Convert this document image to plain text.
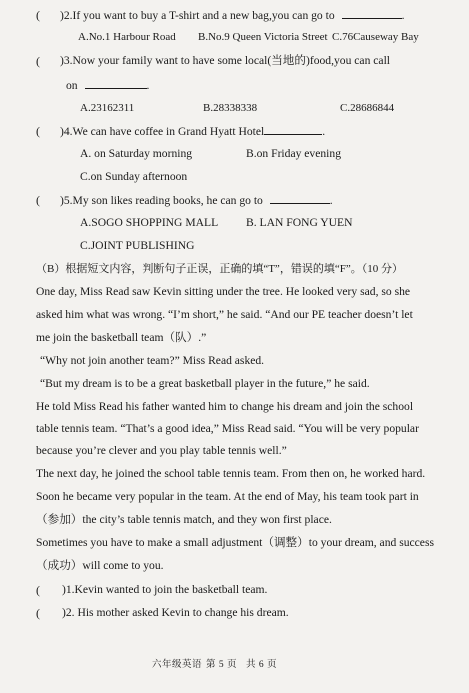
( )2.If you want to buy a T-shirt and a new bag,you can go to	.
A.No.1 Harbour Road B.No.9 Queen Victoria Street C.76Causeway Bay
( )3.Now your family want to have some local(当地的)food,you can call
on	.
A.23162311	B.28338338	C.28686844
( )4.We can have coffee in Grand Hyatt Hotel	.
A. on Saturday morning	B.on Friday evening
C.on Sunday afternoon
( )5.My son likes reading books, he can go to	.
A.SOGO SHOPPING MALL B. LAN FONG YUEN
C.JOINT PUBLISHING
（B）根据短文内容，判断句子正误，正确的填“T”，错误的填“F”。（10 分）
One day, Miss Read saw Kevin sitting under the tree. He looked very sad, so she
asked him what was wrong. “I’m short,” he said. “And our PE teacher doesn’t let
me join the basketball team（队）.”
“Why not join another team?” Miss Read asked.
“But my dream is to be a great basketball player in the future,” he said.
He told Miss Read his father wanted him to change his dream and join the school
table tennis team. “That’s a good idea,” Miss Read said. “You will be very popular
because you’re clever and you play table tennis well.”
The next day, he joined the school table tennis team. From then on, he worked hard.
Soon he became very popular in the team. At the end of May, his team took part in
（参加）the city’s table tennis match, and they won first place.
Sometimes you have to make a small adjustment（调整）to your dream, and success
（成功）will come to you.
( )1.Kevin wanted to join the basketball team.
( )2. His mother asked Kevin to change his dream.
六年级英语 第 5 页 共 6 页
